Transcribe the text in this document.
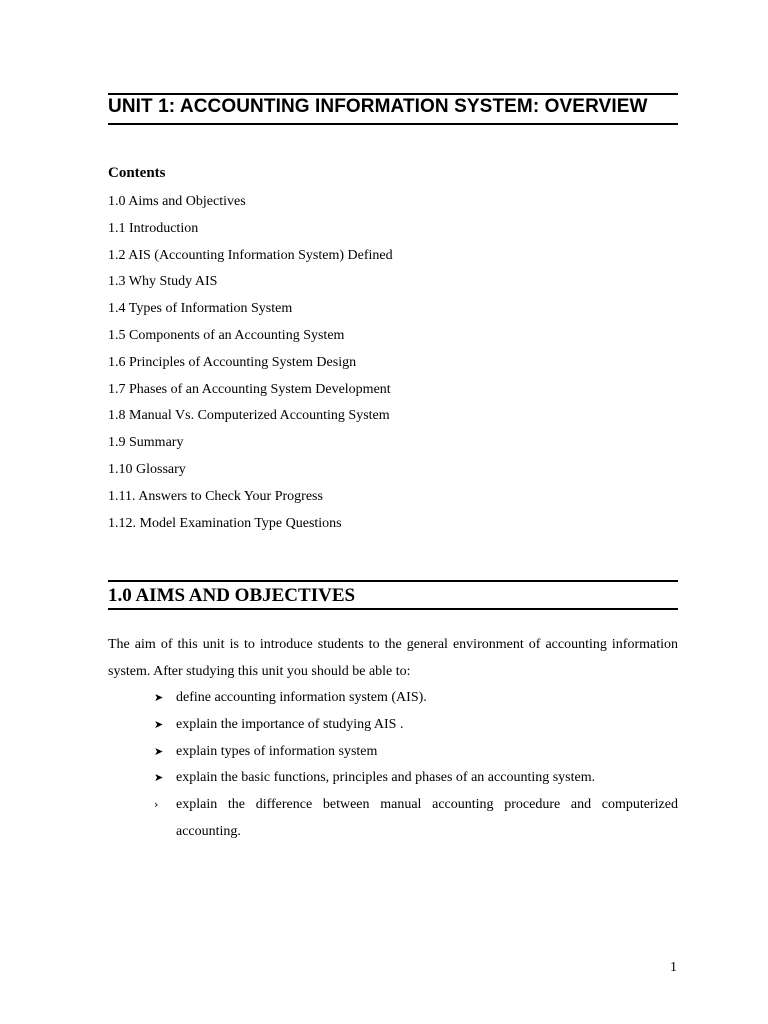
UNIT 1: ACCOUNTING INFORMATION SYSTEM: OVERVIEW
Contents
1.0 Aims and Objectives
1.1 Introduction
1.2 AIS (Accounting Information System) Defined
1.3 Why Study AIS
1.4 Types of Information System
1.5 Components of an Accounting System
1.6 Principles of Accounting System Design
1.7 Phases of an Accounting System Development
1.8 Manual Vs. Computerized Accounting System
1.9 Summary
1.10 Glossary
1.11. Answers to Check Your Progress
1.12. Model Examination Type Questions
1.0 AIMS AND OBJECTIVES
The aim of this unit is to introduce students to the general environment of accounting information system. After studying this unit you should be able to:
➤ define accounting information system (AIS).
➤ explain the importance of studying AIS .
➤ explain types of information system
➤ explain the basic functions, principles and phases of an accounting system.
›	explain the difference between manual accounting procedure and computerized accounting.
1
